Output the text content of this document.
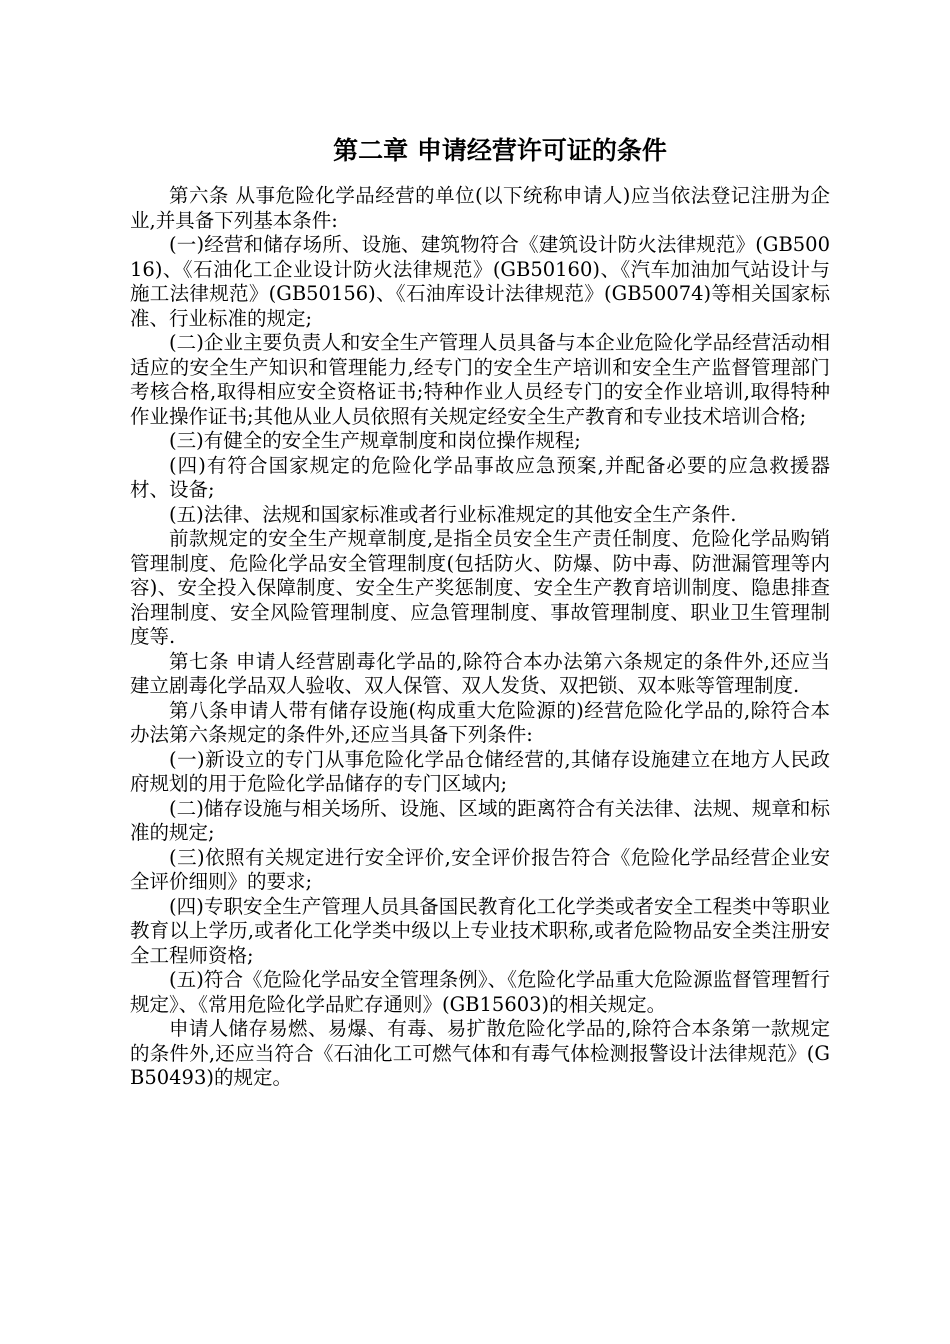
第二章 申请经营许可证的条件

第六条 从事危险化学品经营的单位(以下统称申请人)应当依法登记注册为企业,并具备下列基本条件:

(一)经营和储存场所、设施、建筑物符合《建筑设计防火法律规范》(GB50016)、《石油化工企业设计防火法律规范》(GB50160)、《汽车加油加气站设计与施工法律规范》(GB50156)、《石油库设计法律规范》(GB50074)等相关国家标准、行业标准的规定;

(二)企业主要负责人和安全生产管理人员具备与本企业危险化学品经营活动相适应的安全生产知识和管理能力,经专门的安全生产培训和安全生产监督管理部门考核合格,取得相应安全资格证书;特种作业人员经专门的安全作业培训,取得特种作业操作证书;其他从业人员依照有关规定经安全生产教育和专业技术培训合格;

(三)有健全的安全生产规章制度和岗位操作规程;

(四)有符合国家规定的危险化学品事故应急预案,并配备必要的应急救援器材、设备;

(五)法律、法规和国家标准或者行业标准规定的其他安全生产条件.

前款规定的安全生产规章制度,是指全员安全生产责任制度、危险化学品购销管理制度、危险化学品安全管理制度(包括防火、防爆、防中毒、防泄漏管理等内容)、安全投入保障制度、安全生产奖惩制度、安全生产教育培训制度、隐患排查治理制度、安全风险管理制度、应急管理制度、事故管理制度、职业卫生管理制度等.

第七条 申请人经营剧毒化学品的,除符合本办法第六条规定的条件外,还应当建立剧毒化学品双人验收、双人保管、双人发货、双把锁、双本账等管理制度.

第八条申请人带有储存设施(构成重大危险源的)经营危险化学品的,除符合本办法第六条规定的条件外,还应当具备下列条件:

(一)新设立的专门从事危险化学品仓储经营的,其储存设施建立在地方人民政府规划的用于危险化学品储存的专门区域内;

(二)储存设施与相关场所、设施、区域的距离符合有关法律、法规、规章和标准的规定;

(三)依照有关规定进行安全评价,安全评价报告符合《危险化学品经营企业安全评价细则》的要求;

(四)专职安全生产管理人员具备国民教育化工化学类或者安全工程类中等职业教育以上学历,或者化工化学类中级以上专业技术职称,或者危险物品安全类注册安全工程师资格;

(五)符合《危险化学品安全管理条例》、《危险化学品重大危险源监督管理暂行规定》、《常用危险化学品贮存通则》(GB15603)的相关规定。

申请人储存易燃、易爆、有毒、易扩散危险化学品的,除符合本条第一款规定的条件外,还应当符合《石油化工可燃气体和有毒气体检测报警设计法律规范》(GB50493)的规定。
